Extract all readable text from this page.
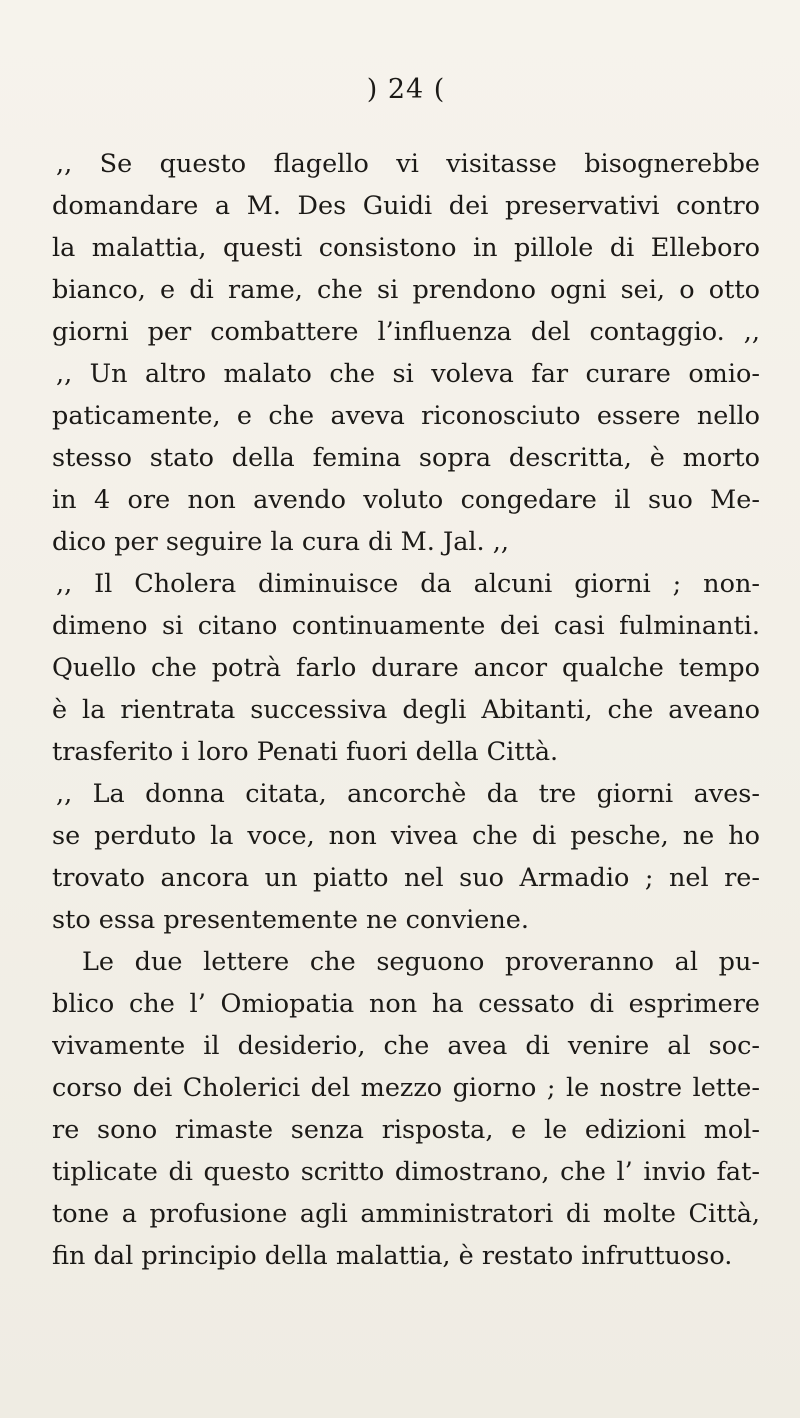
) 24 (
,, Se questo flagello vi visitasse bisognerebbe
domandare a M. Des Guidi dei preservativi contro
la malattia, questi consistono in pillole di Elleboro
bianco, e di rame, che si prendono ogni sei, o otto
giorni per combattere l’influenza del contaggio. ,,
,, Un altro malato che si voleva far curare omio-
paticamente, e che aveva riconosciuto essere nello
stesso stato della femina sopra descritta, è morto
in 4 ore non avendo voluto congedare il suo Me-
dico per seguire la cura di M. Jal. ,,
,, Il Cholera diminuisce da alcuni giorni ; non-
dimeno si citano continuamente dei casi fulminanti.
Quello che potrà farlo durare ancor qualche tempo
è la rientrata successiva degli Abitanti, che aveano
trasferito i loro Penati fuori della Città.
,, La donna citata, ancorchè da tre giorni aves-
se perduto la voce, non vivea che di pesche, ne ho
trovato ancora un piatto nel suo Armadio ; nel re-
sto essa presentemente ne conviene.
Le due lettere che seguono proveranno al pu-
blico che l’ Omiopatia non ha cessato di esprimere
vivamente il desiderio, che avea di venire al soc-
corso dei Cholerici del mezzo giorno ; le nostre lette-
re sono rimaste senza risposta, e le edizioni mol-
tiplicate di questo scritto dimostrano, che l’ invio fat-
tone a profusione agli amministratori di molte Città,
fin dal principio della malattia, è restato infruttuoso.
